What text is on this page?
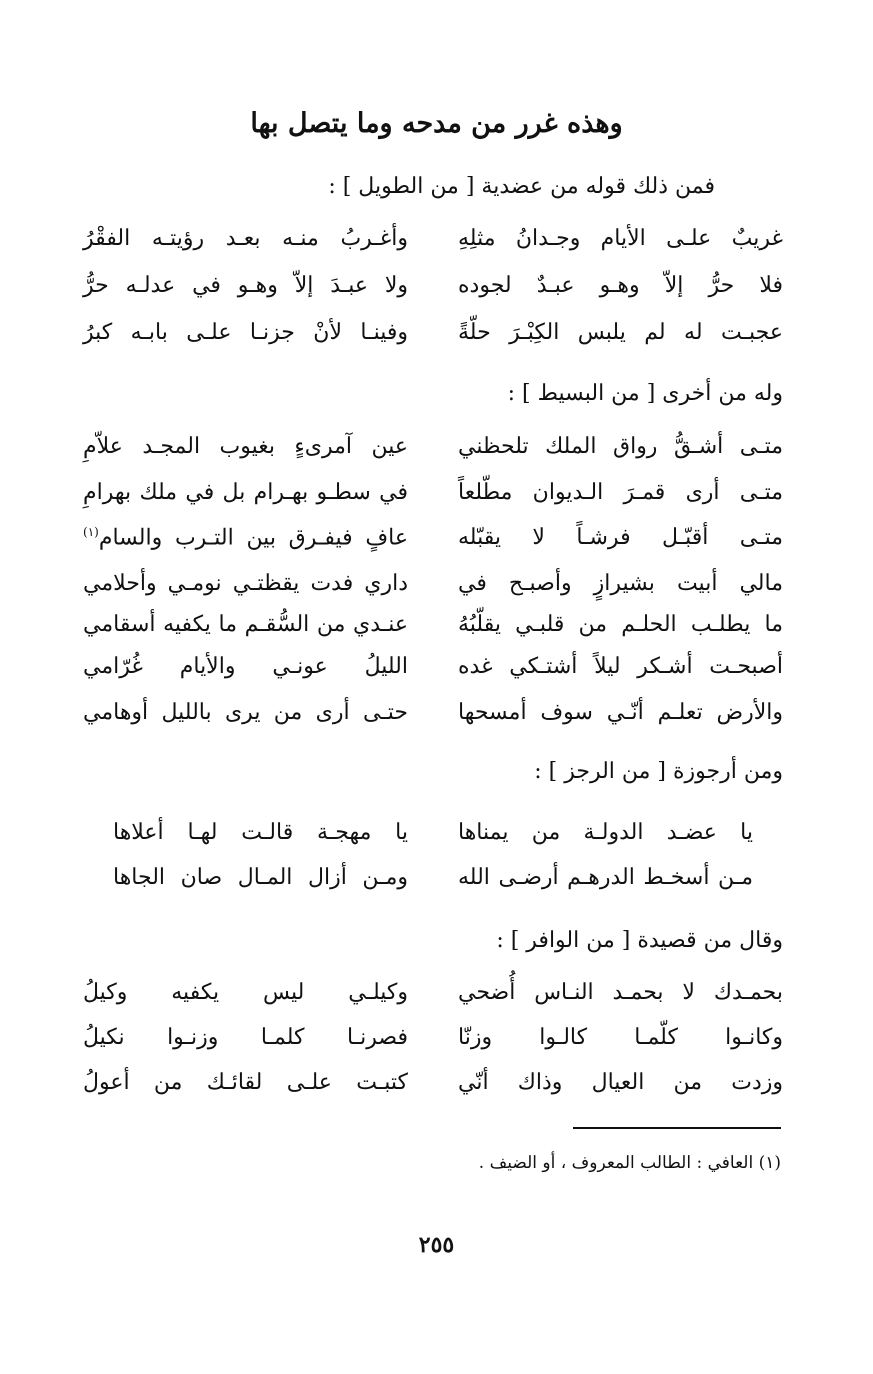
وهذه غرر من مدحه وما يتصل بها
فمن ذلك قوله من عضدية [ من الطويل ] :
غريبٌ علـى الأيام وجـدانُ مثلِهِ
وأغـربُ منـه بعـد رؤيتـه الفقْرُ
فلا حرُّ إلاّ وهـو عبـدٌ لجوده
ولا عبـدَ إلاّ وهـو في عدلـه حرُّ
عجبـت له لم يلبس الكِبْـرَ حلّةً
وفينـا لأنْ جزنـا علـى بابـه كبرُ
وله من أخرى [ من البسيط ] :
متـى أشـقُّ رواق الملك تلحظني
عين آمرىءٍ بغيوب المجـد علاّمِ
متـى أرى قمـرَ الـديوان مطّلعاً
في سطـو بهـرام بل في ملك بهرامِ
متـى أقبّـل فرشـاً لا يقبّله
عافٍ فيفـرق بين التـرب والسام$^{(١)}$
مالي أبيت بشيرازٍ وأصبـح في
داري فدت يقظتـي نومـي وأحلامي
ما يطلـب الحلـم من قلبـي يقلّبُهُ
عنـدي من السُّقـم ما يكفيه أسقامي
أصبحـت أشـكر ليلاً أشتـكي غده
الليلُ عونـي والأيام غُرّامي
والأرض تعلـم أنّـي سوف أمسحها
حتـى أرى من يرى بالليل أوهامي
ومن أرجوزة [ من الرجز ] :
يا عضـد الدولـة من يمناها
يا مهجـة قالـت لهـا أعلاها
مـن أسخـط الدرهـم أرضـى الله
ومـن أزال المـال صان الجاها
وقال من قصيدة [ من الوافر ] :
بحمـدك لا بحمـد النـاس أُضحي
وكيلـي ليس يكفيه وكيلُ
وكانـوا كلّمـا كالـوا وزنّا
فصرنـا كلمـا وزنـوا نكيلُ
وزدت من العيال وذاك أنّي
كتبـت علـى لقائـك من أعولُ
(١) العافي : الطالب المعروف ، أو الضيف .
٢٥٥
